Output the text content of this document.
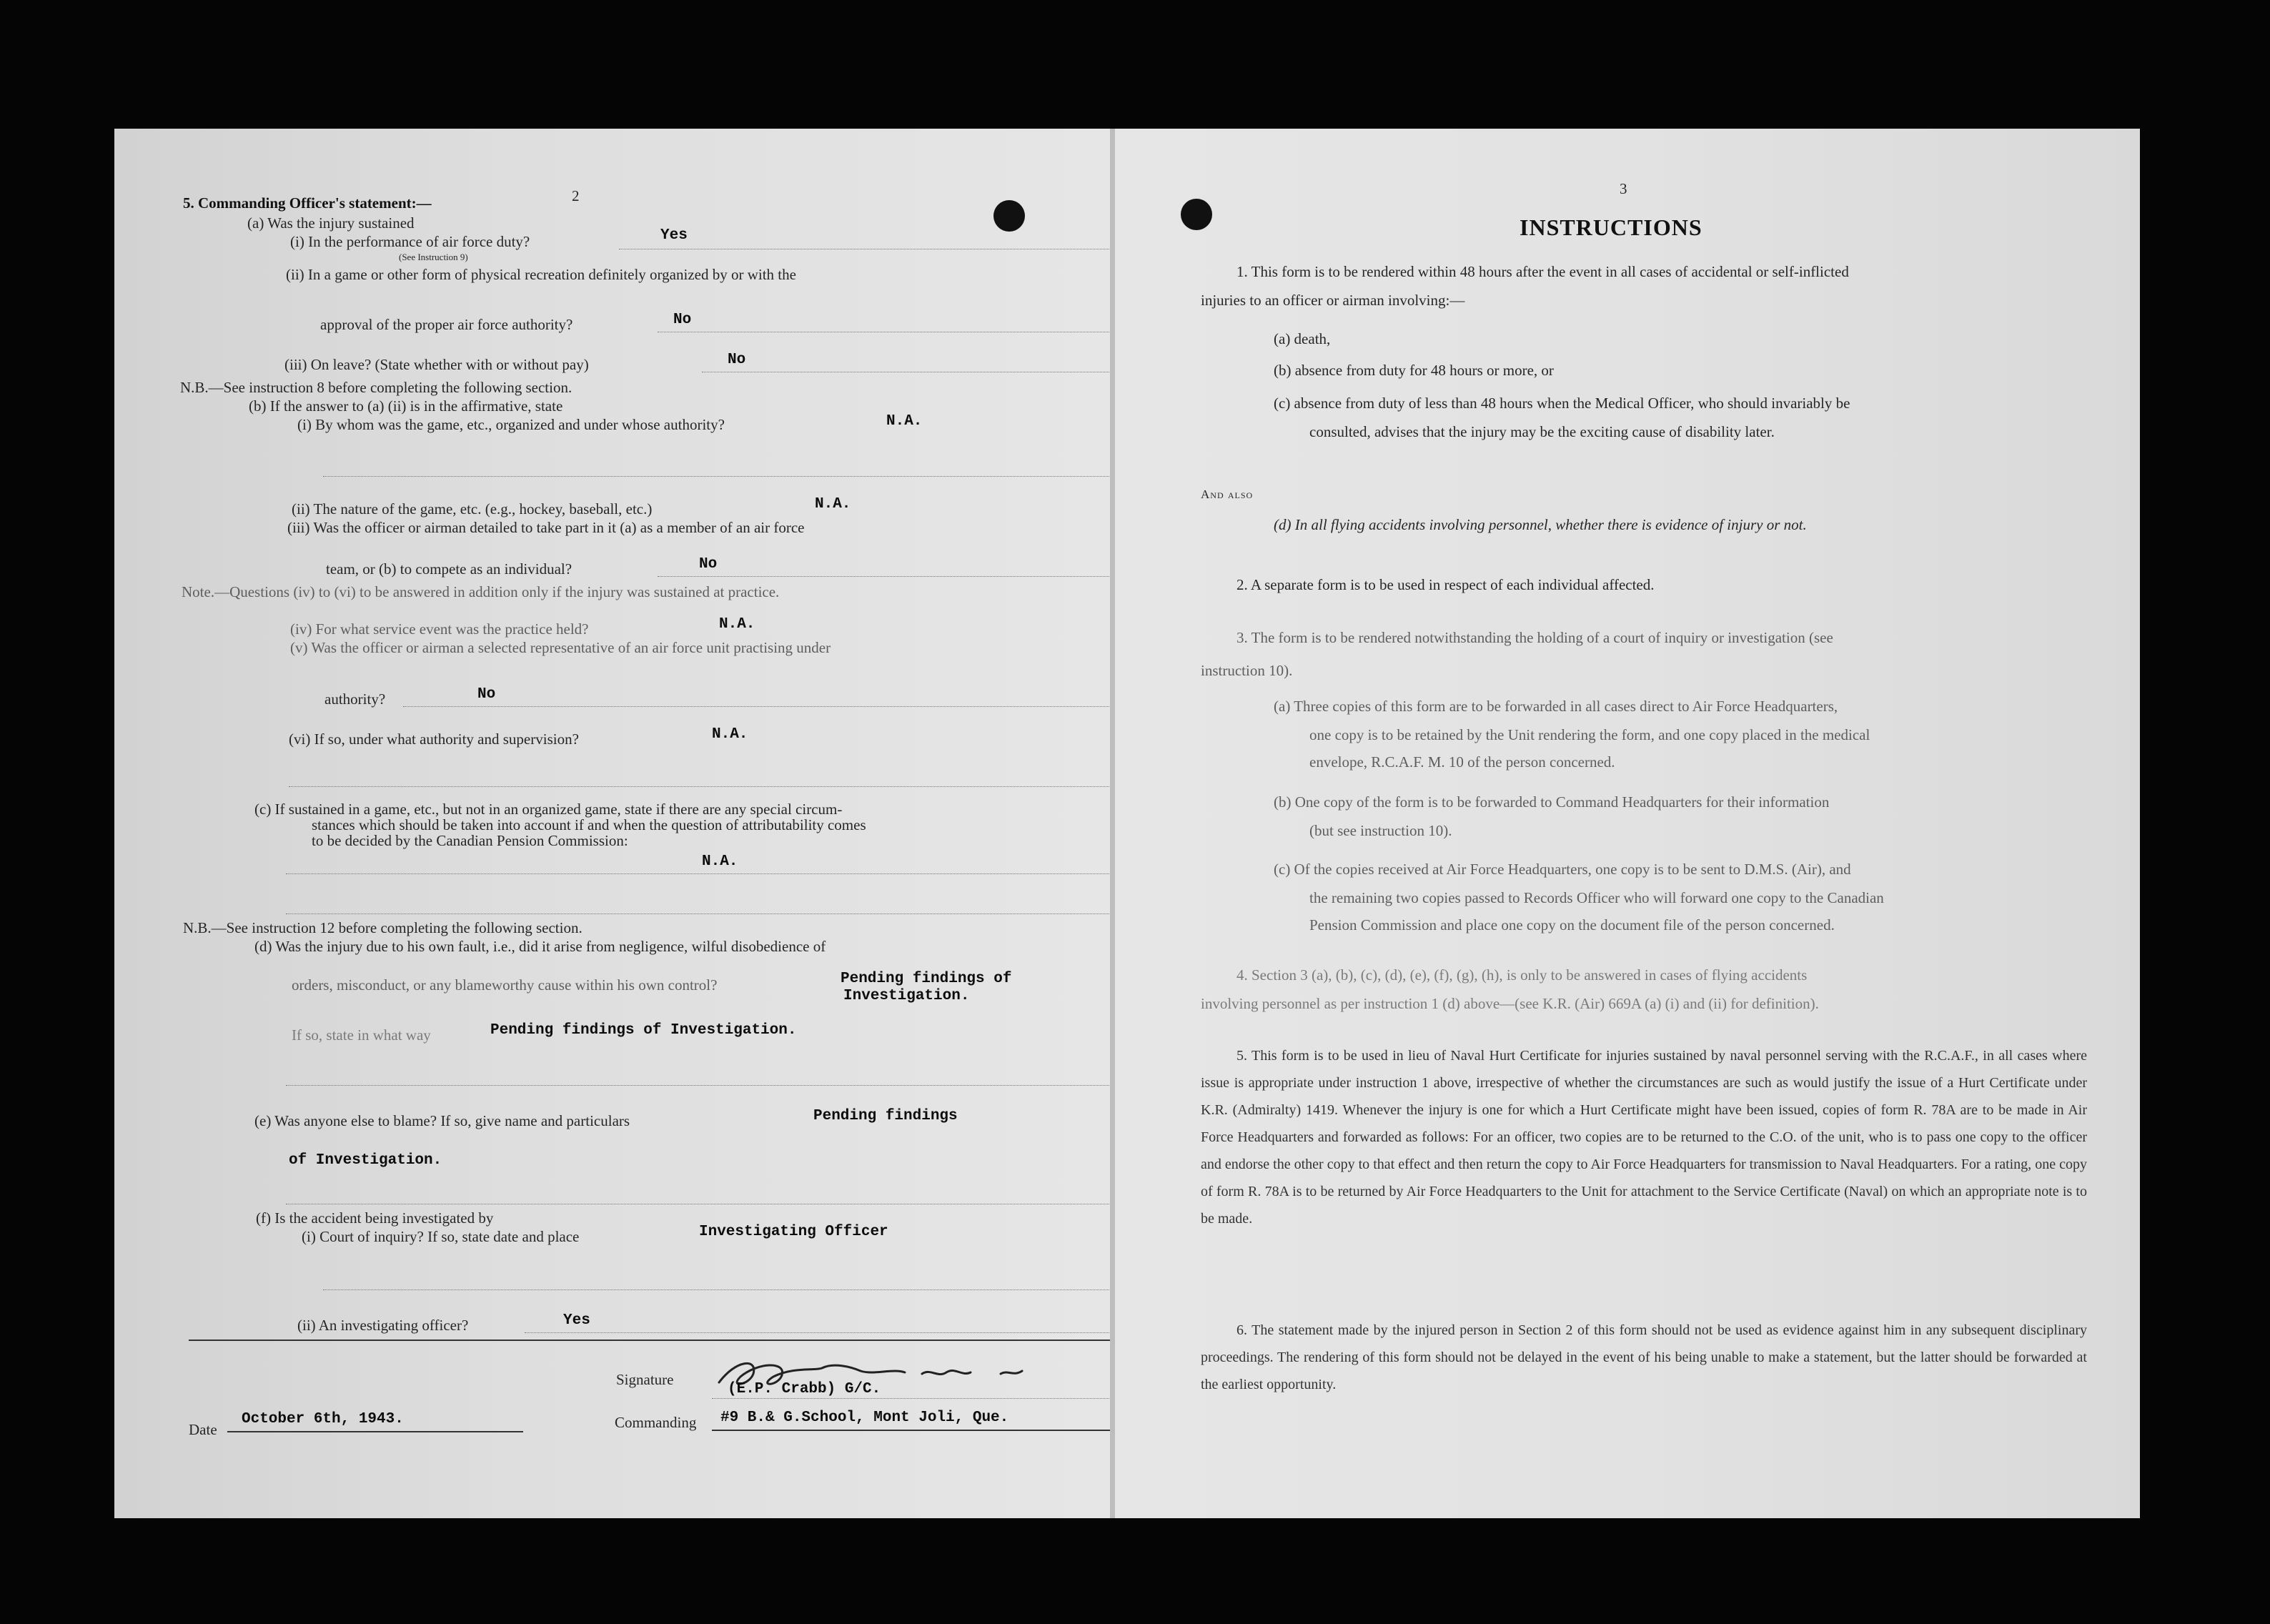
2
5. Commanding Officer's statement:—
(a) Was the injury sustained
(i) In the performance of air force duty?	Yes
(See Instruction 9)
(ii) In a game or other form of physical recreation definitely organized by or with the
approval of the proper air force authority?	No
(iii) On leave? (State whether with or without pay)	No
N.B.—See instruction 8 before completing the following section.
(b) If the answer to (a) (ii) is in the affirmative, state
(i) By whom was the game, etc., organized and under whose authority?	N.A.
(ii) The nature of the game, etc. (e.g., hockey, baseball, etc.)	N.A.
(iii) Was the officer or airman detailed to take part in it (a) as a member of an air force
team, or (b) to compete as an individual?	No
Note.—Questions (iv) to (vi) to be answered in addition only if the injury was sustained at practice.
(iv) For what service event was the practice held?	N.A.
(v) Was the officer or airman a selected representative of an air force unit practising under
authority?	No
(vi) If so, under what authority and supervision?	N.A.
(c) If sustained in a game, etc., but not in an organized game, state if there are any special circum-
stances which should be taken into account if and when the question of attributability comes
to be decided by the Canadian Pension Commission:
N.A.
N.B.—See instruction 12 before completing the following section.
(d) Was the injury due to his own fault, i.e., did it arise from negligence, wilful disobedience of
orders, misconduct, or any blameworthy cause within his own control?	Pending findings of
Investigation.
If so, state in what way	Pending findings of Investigation.
(e) Was anyone else to blame? If so, give name and particulars	Pending findings
of Investigation.
(f) Is the accident being investigated by
(i) Court of inquiry? If so, state date and place	Investigating Officer
(ii) An investigating officer?	Yes
Signature
(E.P. Crabb) G/C.
Commanding #9 B.& G.School, Mont Joli, Que.
Date
October 6th, 1943.
3
INSTRUCTIONS
1. This form is to be rendered within 48 hours after the event in all cases of accidental or self-inflicted
injuries to an officer or airman involving:—
(a) death,
(b) absence from duty for 48 hours or more, or
(c) absence from duty of less than 48 hours when the Medical Officer, who should invariably be
consulted, advises that the injury may be the exciting cause of disability later.
And also
(d) In all flying accidents involving personnel, whether there is evidence of injury or not.
2. A separate form is to be used in respect of each individual affected.
3. The form is to be rendered notwithstanding the holding of a court of inquiry or investigation (see
instruction 10).
(a) Three copies of this form are to be forwarded in all cases direct to Air Force Headquarters,
one copy is to be retained by the Unit rendering the form, and one copy placed in the medical
envelope, R.C.A.F. M. 10 of the person concerned.
(b) One copy of the form is to be forwarded to Command Headquarters for their information
(but see instruction 10).
(c) Of the copies received at Air Force Headquarters, one copy is to be sent to D.M.S. (Air), and
the remaining two copies passed to Records Officer who will forward one copy to the Canadian
Pension Commission and place one copy on the document file of the person concerned.
4. Section 3 (a), (b), (c), (d), (e), (f), (g), (h), is only to be answered in cases of flying accidents
involving personnel as per instruction 1 (d) above—(see K.R. (Air) 669A (a) (i) and (ii) for definition).
5. This form is to be used in lieu of Naval Hurt Certificate for injuries sustained by naval personnel serving with the R.C.A.F., in all cases where issue is appropriate under instruction 1 above, irrespective of whether the circumstances are such as would justify the issue of a Hurt Certificate under K.R. (Admiralty) 1419. Whenever the injury is one for which a Hurt Certificate might have been issued, copies of form R. 78A are to be made in Air Force Headquarters and forwarded as follows: For an officer, two copies are to be returned to the C.O. of the unit, who is to pass one copy to the officer and endorse the other copy to that effect and then return the copy to Air Force Headquarters for transmission to Naval Headquarters. For a rating, one copy of form R. 78A is to be returned by Air Force Headquarters to the Unit for attachment to the Service Certificate (Naval) on which an appropriate note is to be made.
6. The statement made by the injured person in Section 2 of this form should not be used as evidence against him in any subsequent disciplinary proceedings. The rendering of this form should not be delayed in the event of his being unable to make a statement, but the latter should be forwarded at the earliest opportunity.
